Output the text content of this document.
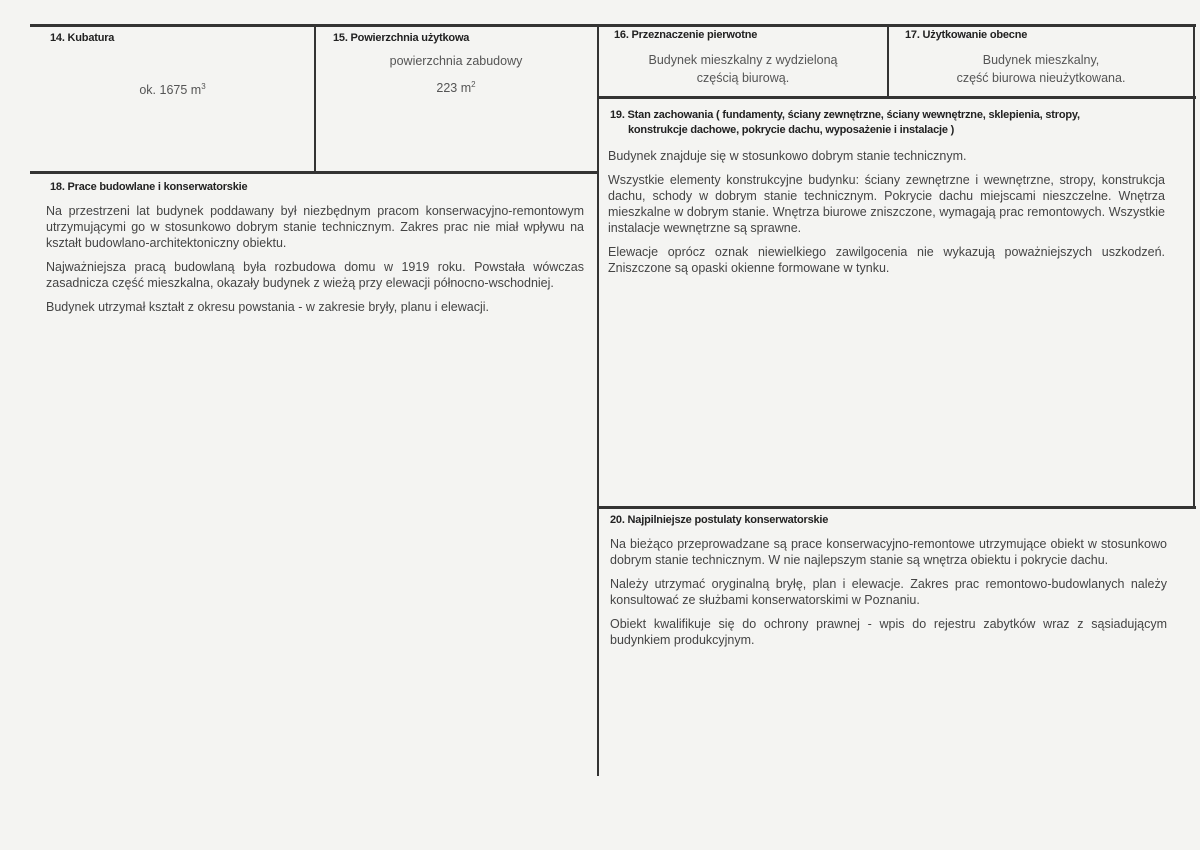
14. Kubatura
ok. 1675 $m^3$
15. Powierzchnia użytkowa
powierzchnia zabudowy
223 $m^2$
16. Przeznaczenie pierwotne
Budynek mieszkalny z wydzieloną
częścią biurową.
17. Użytkowanie obecne
Budynek mieszkalny,
część biurowa nieużytkowana.
18. Prace budowlane i konserwatorskie
Na przestrzeni lat budynek poddawany był niezbędnym pracom konserwacyjno-remontowym utrzymującymi go w stosunkowo dobrym stanie technicznym. Zakres prac nie miał wpływu na kształt budowlano-architektoniczny obiektu.
Najważniejsza pracą budowlaną była rozbudowa domu w 1919 roku. Powstała wówczas zasadnicza część mieszkalna, okazały budynek z wieżą przy elewacji północno-wschodniej.
Budynek utrzymał kształt z okresu powstania - w zakresie bryły, planu i elewacji.
19. Stan zachowania ( fundamenty, ściany zewnętrzne, ściany wewnętrzne, sklepienia, stropy,
konstrukcje dachowe, pokrycie dachu, wyposażenie i instalacje )
Budynek znajduje się w stosunkowo dobrym stanie technicznym.
Wszystkie elementy konstrukcyjne budynku: ściany zewnętrzne i wewnętrzne, stropy, konstrukcja dachu, schody w dobrym stanie technicznym. Pokrycie dachu miejscami nieszczelne. Wnętrza mieszkalne w dobrym stanie. Wnętrza biurowe zniszczone, wymagają prac remontowych. Wszystkie instalacje wewnętrzne są sprawne.
Elewacje oprócz oznak niewielkiego zawilgocenia nie wykazują poważniejszych uszkodzeń. Zniszczone są opaski okienne formowane w tynku.
20. Najpilniejsze postulaty konserwatorskie
Na bieżąco przeprowadzane są prace konserwacyjno-remontowe utrzymujące obiekt w stosunkowo dobrym stanie technicznym. W nie najlepszym stanie są wnętrza obiektu i pokrycie dachu.
Należy utrzymać oryginalną bryłę, plan i elewacje. Zakres prac remontowo-budowlanych należy konsultować ze służbami konserwatorskimi w Poznaniu.
Obiekt kwalifikuje się do ochrony prawnej - wpis do rejestru zabytków wraz z sąsiadującym budynkiem produkcyjnym.
